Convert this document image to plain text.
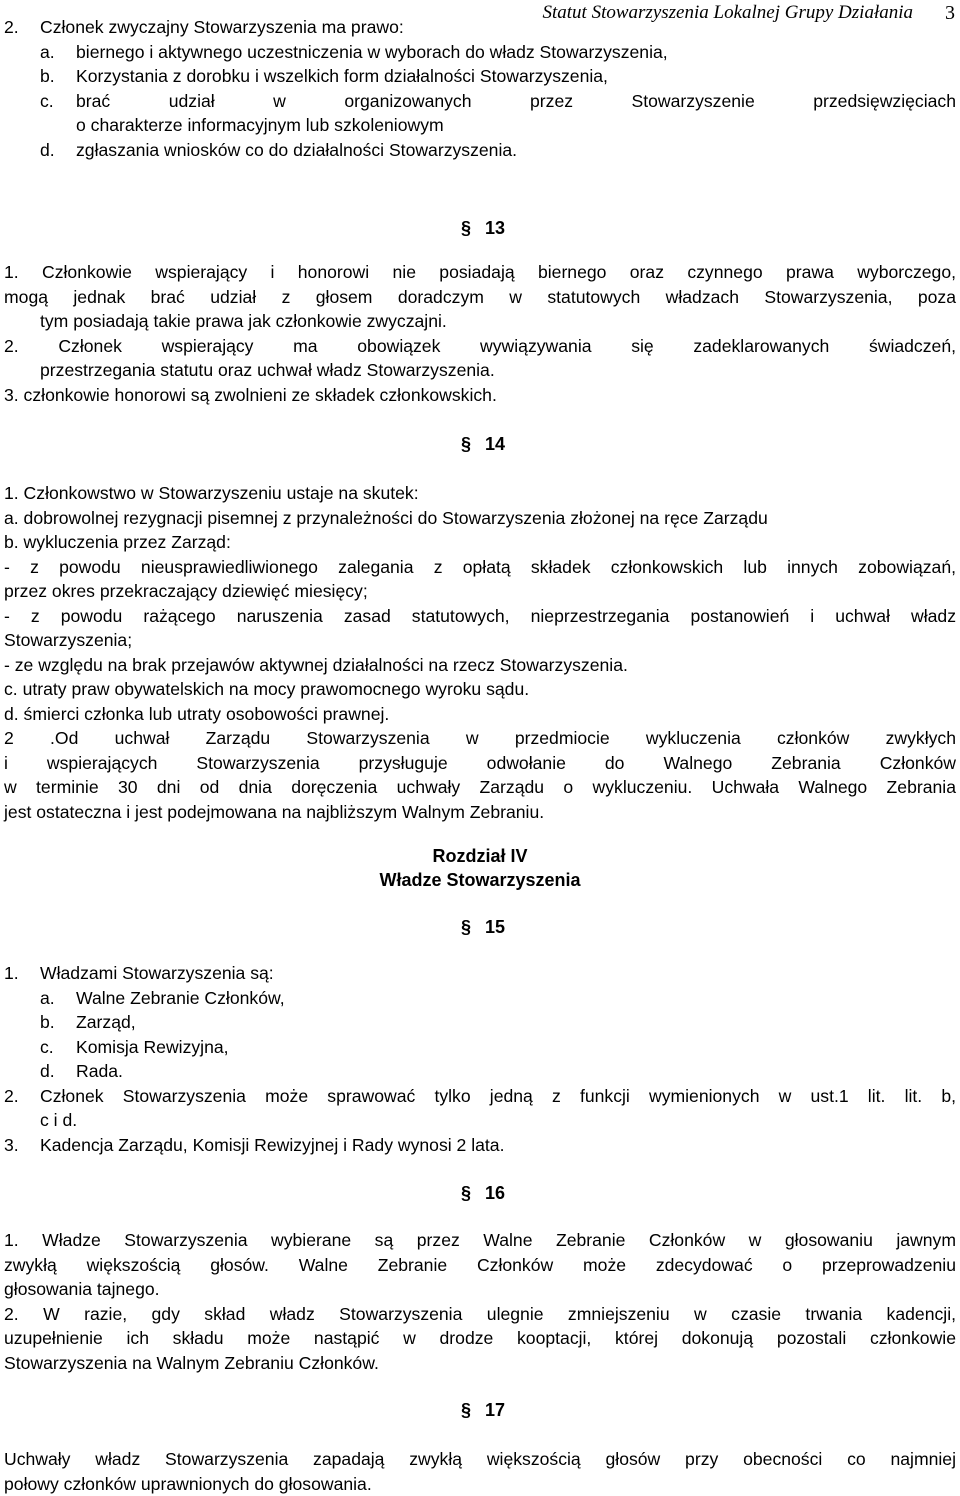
Statut Stowarzyszenia Lokalnej Grupy Działania 3
2. Członek zwyczajny Stowarzyszenia ma prawo:
a. biernego i aktywnego uczestniczenia w wyborach do władz Stowarzyszenia,
b. Korzystania z dorobku i wszelkich form działalności Stowarzyszenia,
c. brać udział w organizowanych przez Stowarzyszenie przedsięwzięciach
o charakterze informacyjnym lub szkoleniowym
d. zgłaszania wniosków co do działalności Stowarzyszenia.
§ 13
1. Członkowie wspierający i honorowi nie posiadają biernego oraz czynnego prawa wyborczego,
mogą jednak brać udział z głosem doradczym w statutowych władzach Stowarzyszenia, poza
tym posiadają takie prawa jak członkowie zwyczajni.
2. Członek wspierający ma obowiązek wywiązywania się zadeklarowanych świadczeń,
przestrzegania statutu oraz uchwał władz Stowarzyszenia.
3. członkowie honorowi są zwolnieni ze składek członkowskich.
§ 14
1. Członkowstwo w Stowarzyszeniu ustaje na skutek:
a. dobrowolnej rezygnacji pisemnej z przynależności do Stowarzyszenia złożonej na ręce Zarządu
b. wykluczenia przez Zarząd:
- z powodu nieusprawiedliwionego zalegania z opłatą składek członkowskich lub innych zobowiązań,
przez okres przekraczający dziewięć miesięcy;
- z powodu rażącego naruszenia zasad statutowych, nieprzestrzegania postanowień i uchwał władz
Stowarzyszenia;
- ze względu na brak przejawów aktywnej działalności na rzecz Stowarzyszenia.
c. utraty praw obywatelskich na mocy prawomocnego wyroku sądu.
d. śmierci członka lub utraty osobowości prawnej.
2 .Od uchwał Zarządu Stowarzyszenia w przedmiocie wykluczenia członków zwykłych
i wspierających Stowarzyszenia przysługuje odwołanie do Walnego Zebrania Członków
w terminie 30 dni od dnia doręczenia uchwały Zarządu o wykluczeniu. Uchwała Walnego Zebrania
jest ostateczna i jest podejmowana na najbliższym Walnym Zebraniu.
Rozdział IV
Władze Stowarzyszenia
§ 15
1. Władzami Stowarzyszenia są:
a. Walne Zebranie Członków,
b. Zarząd,
c. Komisja Rewizyjna,
d. Rada.
2. Członek Stowarzyszenia może sprawować tylko jedną z funkcji wymienionych w ust.1 lit. lit. b,
c i d.
3. Kadencja Zarządu, Komisji Rewizyjnej i Rady wynosi 2 lata.
§ 16
1. Władze Stowarzyszenia wybierane są przez Walne Zebranie Członków w głosowaniu jawnym
zwykłą większością głosów. Walne Zebranie Członków może zdecydować o przeprowadzeniu
głosowania tajnego.
2. W razie, gdy skład władz Stowarzyszenia ulegnie zmniejszeniu w czasie trwania kadencji,
uzupełnienie ich składu może nastąpić w drodze kooptacji, której dokonują pozostali członkowie
Stowarzyszenia na Walnym Zebraniu Członków.
§ 17
Uchwały władz Stowarzyszenia zapadają zwykłą większością głosów przy obecności co najmniej
połowy członków uprawnionych do głosowania.
